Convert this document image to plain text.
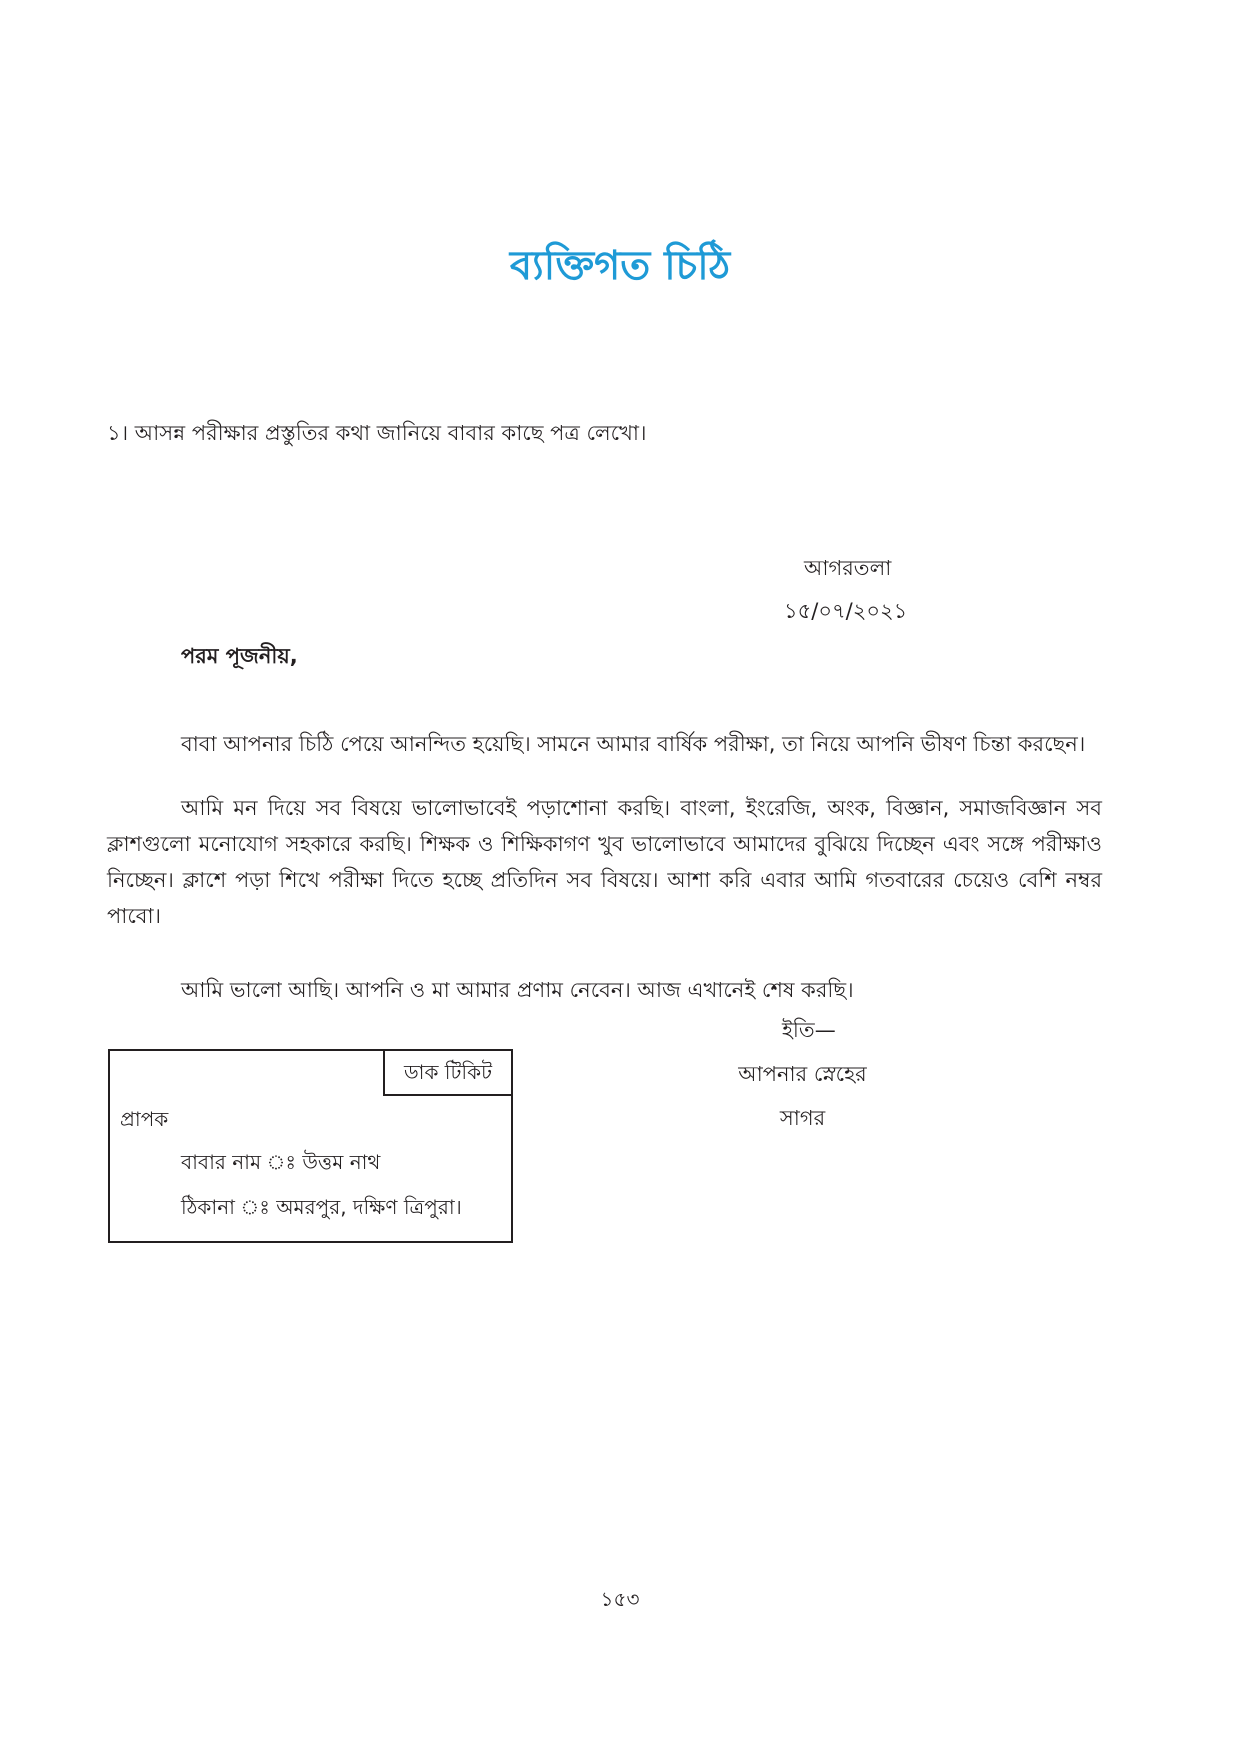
ব্যক্তিগত চিঠি
১। আসন্ন পরীক্ষার প্রস্তুতির কথা জানিয়ে বাবার কাছে পত্র লেখো।
আগরতলা
১৫/০৭/২০২১
পরম পূজনীয়,
বাবা আপনার চিঠি পেয়ে আনন্দিত হয়েছি। সামনে আমার বার্ষিক পরীক্ষা, তা নিয়ে আপনি ভীষণ চিন্তা করছেন।
আমি মন দিয়ে সব বিষয়ে ভালোভাবেই পড়াশোনা করছি। বাংলা, ইংরেজি, অংক, বিজ্ঞান, সমাজবিজ্ঞান সব ক্লাশগুলো মনোযোগ সহকারে করছি। শিক্ষক ও শিক্ষিকাগণ খুব ভালোভাবে আমাদের বুঝিয়ে দিচ্ছেন এবং সঙ্গে পরীক্ষাও নিচ্ছেন। ক্লাশে পড়া শিখে পরীক্ষা দিতে হচ্ছে প্রতিদিন সব বিষয়ে। আশা করি এবার আমি গতবারের চেয়েও বেশি নম্বর পাবো।
আমি ভালো আছি। আপনি ও মা আমার প্রণাম নেবেন। আজ এখানেই শেষ করছি।
ইতি—
আপনার স্নেহের
সাগর
ডাক টিকিট
প্রাপক
বাবার নাম ঃ উত্তম নাথ
ঠিকানা ঃ অমরপুর, দক্ষিণ ত্রিপুরা।
১৫৩
